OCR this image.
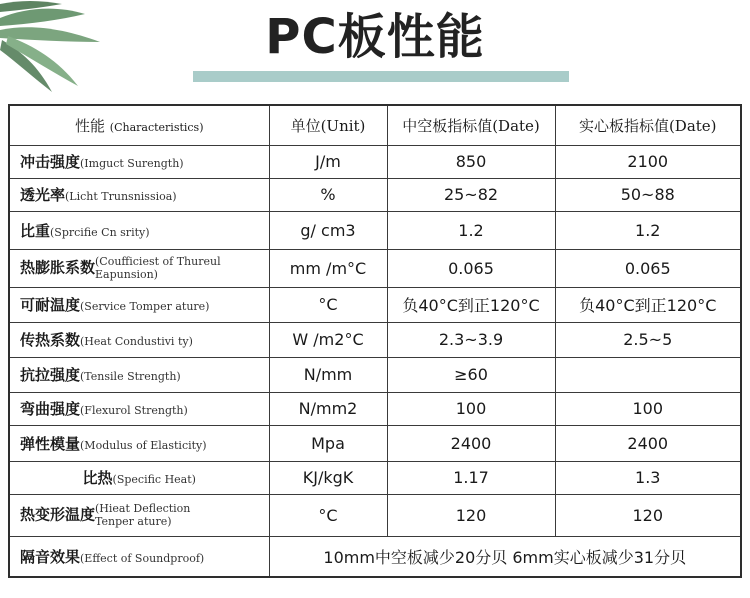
PC板性能
性能 (Characteristics)	单位(Unit)	中空板指标值(Date)	实心板指标值(Date)
冲击强度(Imguct Surength)	J/m	850	2100
透光率(Licht Trunsnissioa)	%	25~82	50~88
比重(Sprcifie Cn srity)	g/ cm3	1.2	1.2
热膨胀系数(Coufficiest of Thureul
Eapunsion)	mm /m°C	0.065	0.065
可耐温度(Service Tomper ature)	°C	负40°C到正120°C	负40°C到正120°C
传热系数(Heat Condustivi ty)	W /m2°C	2.3~3.9	2.5~5
抗拉强度(Tensile Strength)	N/mm	≥60	
弯曲强度(Flexurol Strength)	N/mm2	100	100
弹性模量(Modulus of Elasticity)	Mpa	2400	2400
比热(Specific Heat)	KJ/kgK	1.17	1.3
热变形温度(Hieat Deflection
Tenper ature)	°C	120	120
隔音效果(Effect of Soundproof)	10mm中空板减少20分贝 6mm实心板减少31分贝		
